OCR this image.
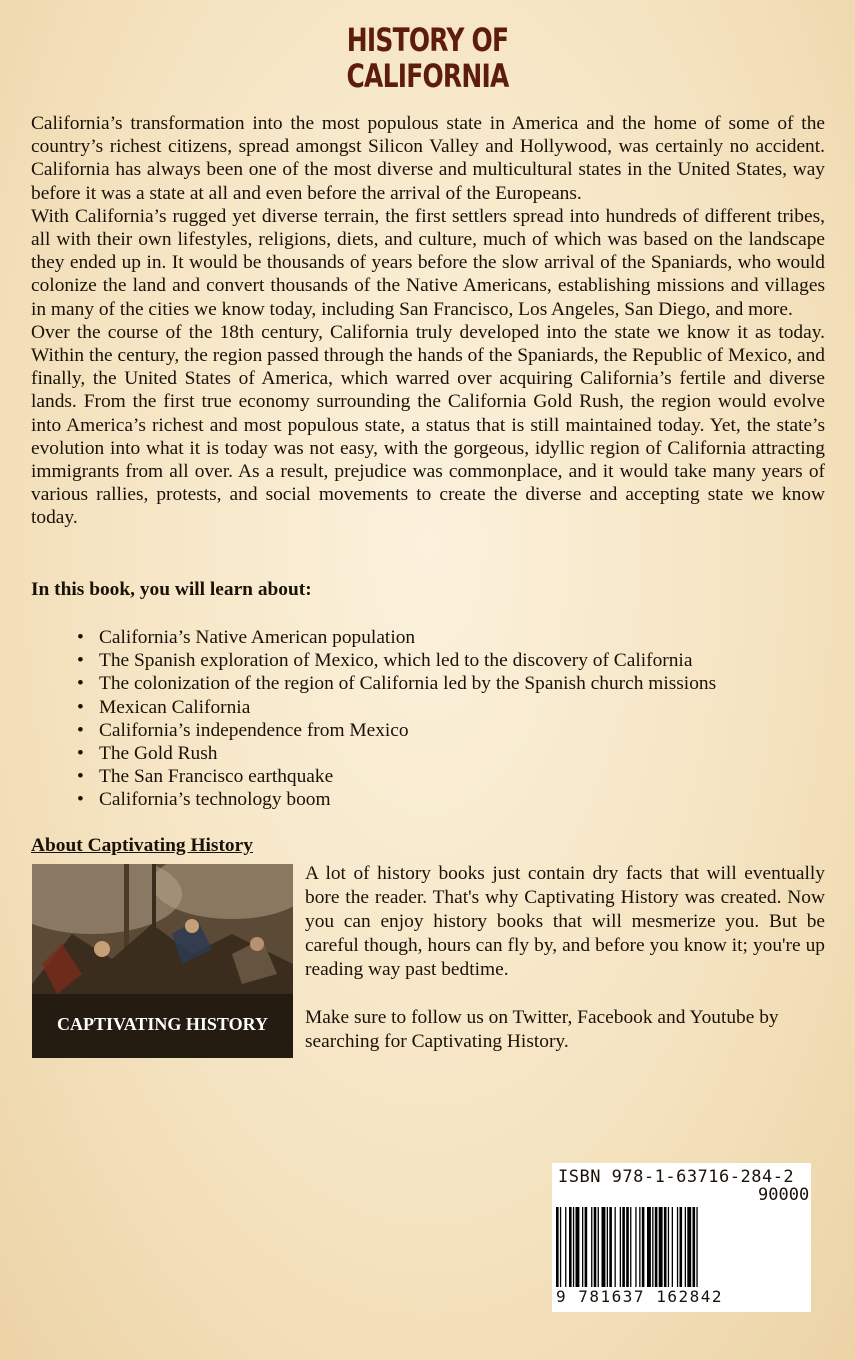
HISTORY OF
CALIFORNIA

California’s transformation into the most populous state in America and the home of some of the country’s richest citizens, spread amongst Silicon Valley and Hollywood, was certainly no accident. California has always been one of the most diverse and multicultural states in the United States, way before it was a state at all and even before the arrival of the Europeans.

With California’s rugged yet diverse terrain, the first settlers spread into hundreds of different tribes, all with their own lifestyles, religions, diets, and culture, much of which was based on the landscape they ended up in. It would be thousands of years before the slow arrival of the Spaniards, who would colonize the land and convert thousands of the Native Americans, establishing missions and villages in many of the cities we know today, including San Francisco, Los Angeles, San Diego, and more.

Over the course of the 18th century, California truly developed into the state we know it as today. Within the century, the region passed through the hands of the Spaniards, the Republic of Mexico, and finally, the United States of America, which warred over acquiring California’s fertile and diverse lands. From the first true economy surrounding the California Gold Rush, the region would evolve into America’s richest and most populous state, a status that is still maintained today. Yet, the state’s evolution into what it is today was not easy, with the gorgeous, idyllic region of California attracting immigrants from all over. As a result, prejudice was commonplace, and it would take many years of various rallies, protests, and social movements to create the diverse and accepting state we know today.

In this book, you will learn about:
• California’s Native American population
• The Spanish exploration of Mexico, which led to the discovery of California
• The colonization of the region of California led by the Spanish church missions
• Mexican California
• California’s independence from Mexico
• The Gold Rush
• The San Francisco earthquake
• California’s technology boom
About Captivating History
CAPTIVATING HISTORY

A lot of history books just contain dry facts that will eventually bore the reader. That's why Captivating History was created. Now you can enjoy history books that will mesmerize you. But be careful though, hours can fly by, and before you know it; you're up reading way past bedtime.

Make sure to follow us on Twitter, Facebook and Youtube by searching for Captivating History.

ISBN 978-1-63716-284-2
90000
9 781637 162842
